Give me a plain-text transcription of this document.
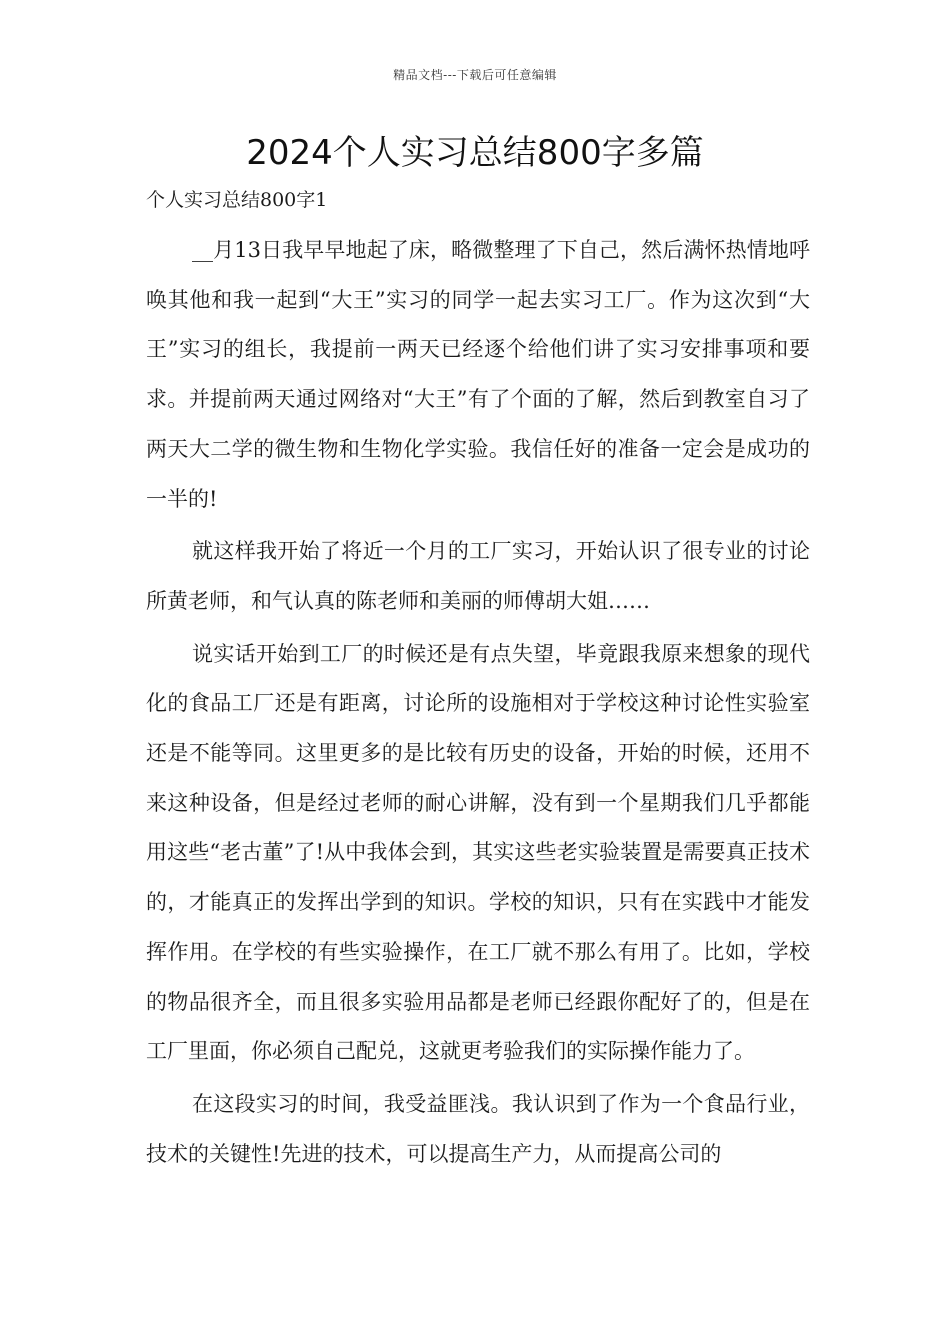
精品文档---下载后可任意编辑
2024个人实习总结800字多篇
个人实习总结800字1

__月13日我早早地起了床，略微整理了下自己，然后满怀热情地呼唤其他和我一起到“大王”实习的同学一起去实习工厂。作为这次到“大王”实习的组长，我提前一两天已经逐个给他们讲了实习安排事项和要求。并提前两天通过网络对“大王”有了个面的了解，然后到教室自习了两天大二学的微生物和生物化学实验。我信任好的准备一定会是成功的一半的!

就这样我开始了将近一个月的工厂实习，开始认识了很专业的讨论所黄老师，和气认真的陈老师和美丽的师傅胡大姐……

说实话开始到工厂的时候还是有点失望，毕竟跟我原来想象的现代化的食品工厂还是有距离，讨论所的设施相对于学校这种讨论性实验室还是不能等同。这里更多的是比较有历史的设备，开始的时候，还用不来这种设备，但是经过老师的耐心讲解，没有到一个星期我们几乎都能用这些“老古董”了!从中我体会到，其实这些老实验装置是需要真正技术的，才能真正的发挥出学到的知识。学校的知识，只有在实践中才能发挥作用。在学校的有些实验操作，在工厂就不那么有用了。比如，学校的物品很齐全，而且很多实验用品都是老师已经跟你配好了的，但是在工厂里面，你必须自己配兑，这就更考验我们的实际操作能力了。

在这段实习的时间，我受益匪浅。我认识到了作为一个食品行业，技术的关键性!先进的技术，可以提高生产力，从而提高公司的
